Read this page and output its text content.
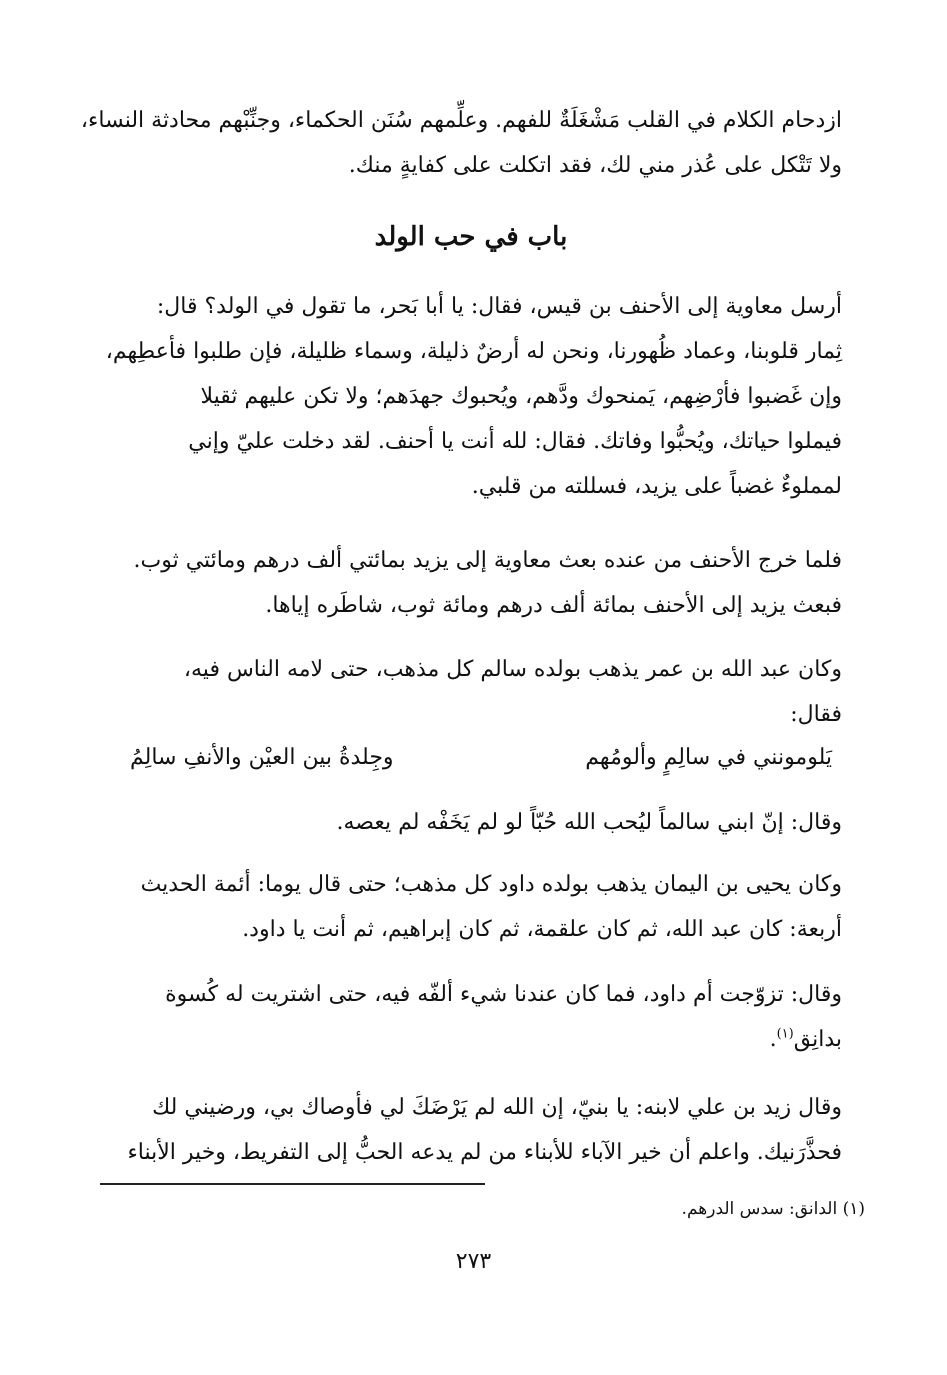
ازدحام الكلام في القلب مَشْغَلَةٌ للفهم. وعلِّمهم سُنَن الحكماء، وجنِّبْهم محادثة النساء،
ولا تَتْكل على عُذر مني لك، فقد اتكلت على كفايةٍ منك.
باب في حب الولد
أرسل معاوية إلى الأحنف بن قيس، فقال: يا أبا بَحر، ما تقول في الولد؟ قال:
ثِمار قلوبنا، وعماد ظُهورنا، ونحن له أرضٌ ذليلة، وسماء ظليلة، فإن طلبوا فأعطِهم،
وإن غَضبوا فأرْضِهم، يَمنحوك ودَّهم، ويُحبوك جهدَهم؛ ولا تكن عليهم ثقيلا
فيملوا حياتك، ويُحبُّوا وفاتك. فقال: لله أنت يا أحنف. لقد دخلت عليّ وإني
لمملوءٌ غضباً على يزيد، فسللته من قلبي.
فلما خرج الأحنف من عنده بعث معاوية إلى يزيد بمائتي ألف درهم ومائتي ثوب.
فبعث يزيد إلى الأحنف بمائة ألف درهم ومائة ثوب، شاطَره إياها.
وكان عبد الله بن عمر يذهب بولده سالم كل مذهب، حتى لامه الناس فيه،
فقال:
يَلومونني في سالِمٍ وألومُهم
وجِلدةُ بين العيْن والأنفِ سالِمُ
وقال: إنّ ابني سالماً ليُحب الله حُبّاً لو لم يَخَفْه لم يعصه.
وكان يحيى بن اليمان يذهب بولده داود كل مذهب؛ حتى قال يوما: أئمة الحديث
أربعة: كان عبد الله، ثم كان علقمة، ثم كان إبراهيم، ثم أنت يا داود.
وقال: تزوّجت أم داود، فما كان عندنا شيء ألفّه فيه، حتى اشتريت له كُسوة
بدانِق$^{(١)}$.
وقال زيد بن علي لابنه: يا بنيّ، إن الله لم يَرْضَكَ لي فأوصاك بي، ورضيني لك
فحذَّرَنيك. واعلم أن خير الآباء للأبناء من لم يدعه الحبُّ إلى التفريط، وخير الأبناء
(١) الدانق: سدس الدرهم.
٢٧٣
